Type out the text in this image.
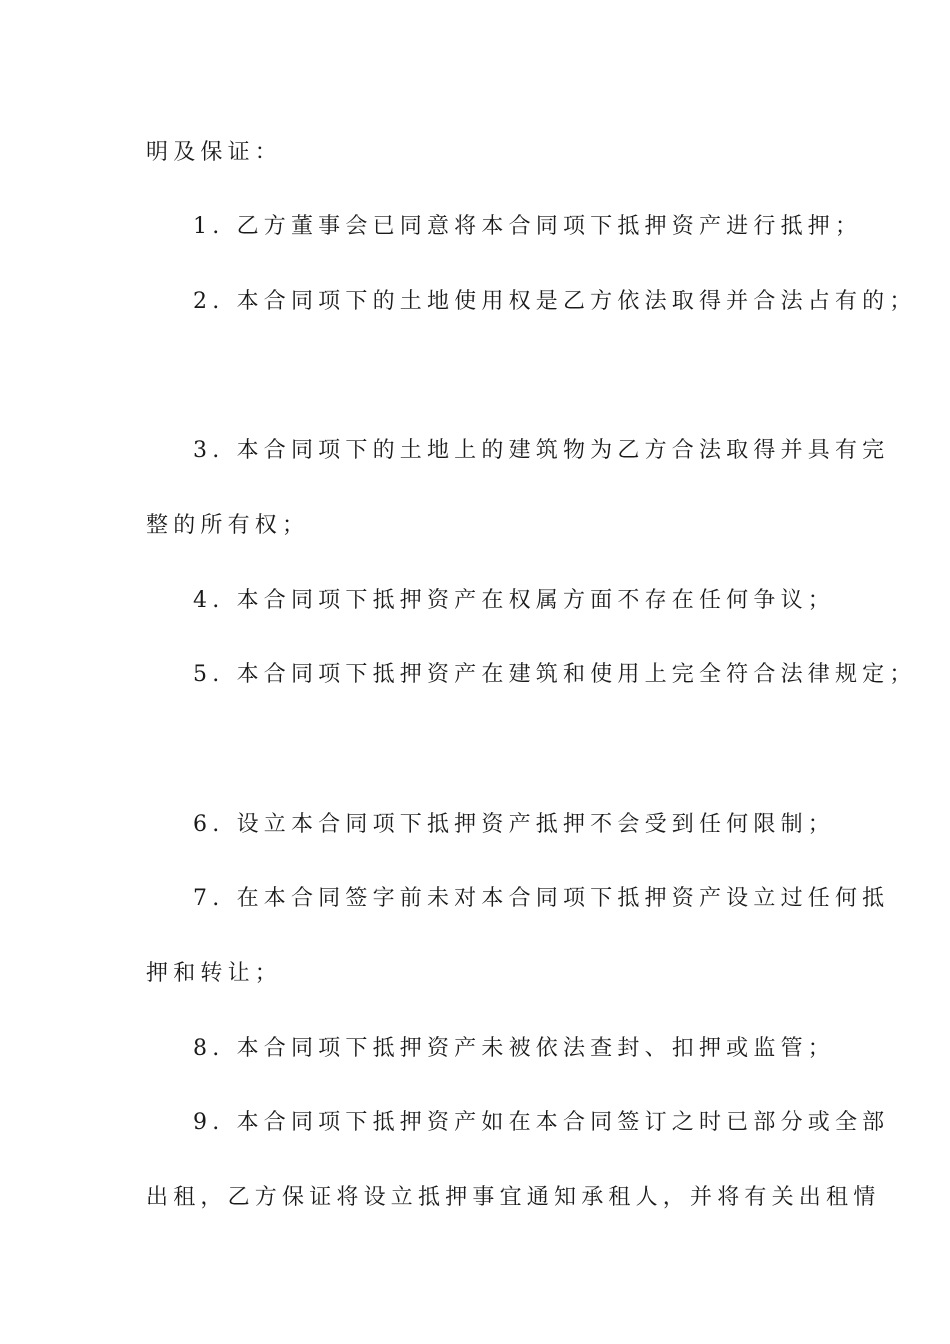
明及保证：
1. 乙方董事会已同意将本合同项下抵押资产进行抵押；
2. 本合同项下的土地使用权是乙方依法取得并合法占有的；
3. 本合同项下的土地上的建筑物为乙方合法取得并具有完
整的所有权；
4. 本合同项下抵押资产在权属方面不存在任何争议；
5. 本合同项下抵押资产在建筑和使用上完全符合法律规定；
6. 设立本合同项下抵押资产抵押不会受到任何限制；
7. 在本合同签字前未对本合同项下抵押资产设立过任何抵
押和转让；
8. 本合同项下抵押资产未被依法查封、扣押或监管；
9. 本合同项下抵押资产如在本合同签订之时已部分或全部
出租，乙方保证将设立抵押事宜通知承租人，并将有关出租情
